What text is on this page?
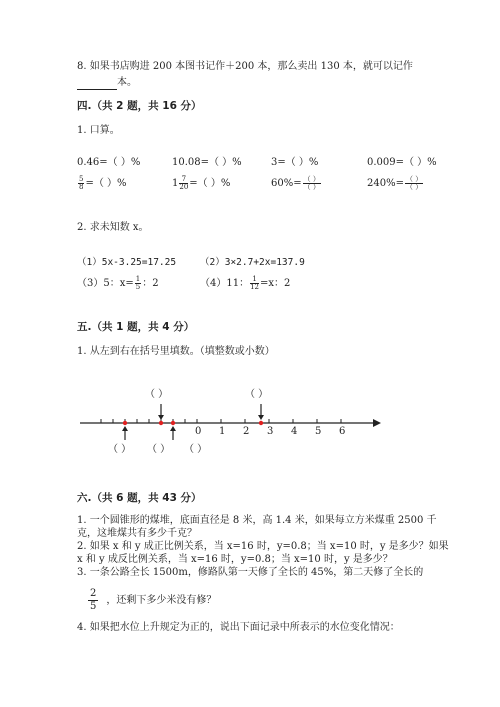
8. 如果书店购进 200 本图书记作＋200 本，那么卖出 130 本，就可以记作
本。
四.（共 2 题，共 16 分）
1. 口算。
0.46=（ ）%	10.08=（ ）%	3=（ ）%	0.009=（ ）%
$\frac{5}{8}$ =（ ）%	$1 \frac{7}{20}$ =（ ）%	$60\%= \frac{( )}{( )}$	$240\%= \frac{( )}{( )}$
2. 求未知数 x。
（1）5x-3.25=17.25	（2）3×2.7+2x=137.9
（3）5：$x= \frac{1}{5}$ ：2	（4）11： $\frac{1}{12} =x$：2
五.（共 1 题，共 4 分）
1. 从左到右在括号里填数。（填整数或小数）
0 1 2 3 4 5 6
（ ）	（ ）
（ ） （ ） （ ）
六.（共 6 题，共 43 分）
1. 一个圆锥形的煤堆，底面直径是 8 米，高 1.4 米，如果每立方米煤重 2500 千
克，这堆煤共有多少千克？
2. 如果 x 和 y 成正比例关系，当 x=16 时，y=0.8；当 x=10 时，y 是多少？如果
x 和 y 成反比例关系，当 x=16 时，y=0.8；当 x=10 时，y 是多少？
3. 一条公路全长 1500m，修路队第一天修了全长的 45%，第二天修了全长的
$\frac{2}{5}$ ，还剩下多少米没有修？
4. 如果把水位上升规定为正的，说出下面记录中所表示的水位变化情况：
